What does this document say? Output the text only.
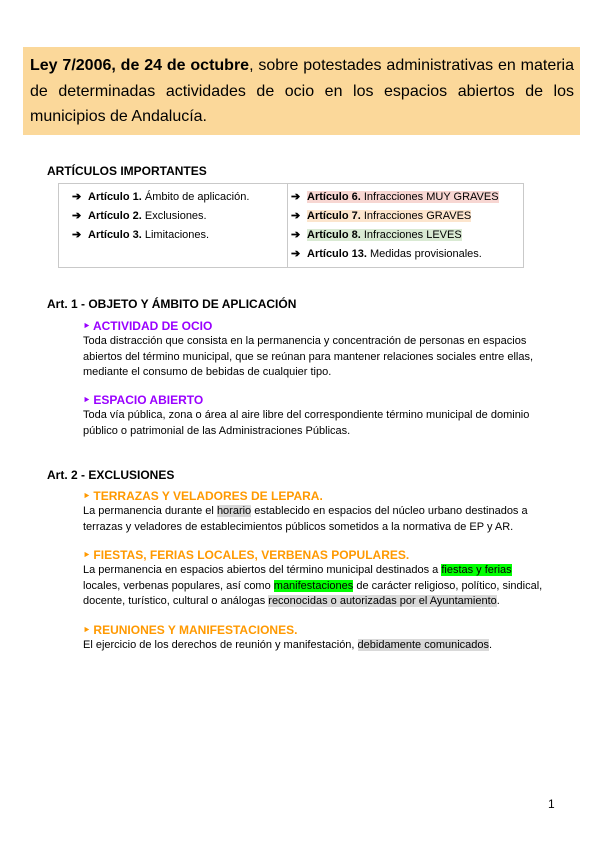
Ley 7/2006, de 24 de octubre, sobre potestades administrativas en materia de determinadas actividades de ocio en los espacios abiertos de los municipios de Andalucía.
ARTÍCULOS IMPORTANTES
➔ Artículo 1. Ámbito de aplicación.
➔ Artículo 2. Exclusiones.
➔ Artículo 3. Limitaciones.
➔ Artículo 6. Infracciones MUY GRAVES
➔ Artículo 7. Infracciones GRAVES
➔ Artículo 8. Infracciones LEVES
➔ Artículo 13. Medidas provisionales.
Art. 1 - OBJETO Y ÁMBITO DE APLICACIÓN
‣ ACTIVIDAD DE OCIO
Toda distracción que consista en la permanencia y concentración de personas en espacios abiertos del término municipal, que se reúnan para mantener relaciones sociales entre ellas, mediante el consumo de bebidas de cualquier tipo.
‣ ESPACIO ABIERTO
Toda vía pública, zona o área al aire libre del correspondiente término municipal de dominio público o patrimonial de las Administraciones Públicas.
Art. 2 - EXCLUSIONES
‣ TERRAZAS Y VELADORES DE LEPARA.
La permanencia durante el horario establecido en espacios del núcleo urbano destinados a terrazas y veladores de establecimientos públicos sometidos a la normativa de EP y AR.
‣ FIESTAS, FERIAS LOCALES, VERBENAS POPULARES.
La permanencia en espacios abiertos del término municipal destinados a fiestas y ferias locales, verbenas populares, así como manifestaciones de carácter religioso, político, sindical, docente, turístico, cultural o análogas reconocidas o autorizadas por el Ayuntamiento.
‣ REUNIONES Y MANIFESTACIONES.
El ejercicio de los derechos de reunión y manifestación, debidamente comunicados.
1
